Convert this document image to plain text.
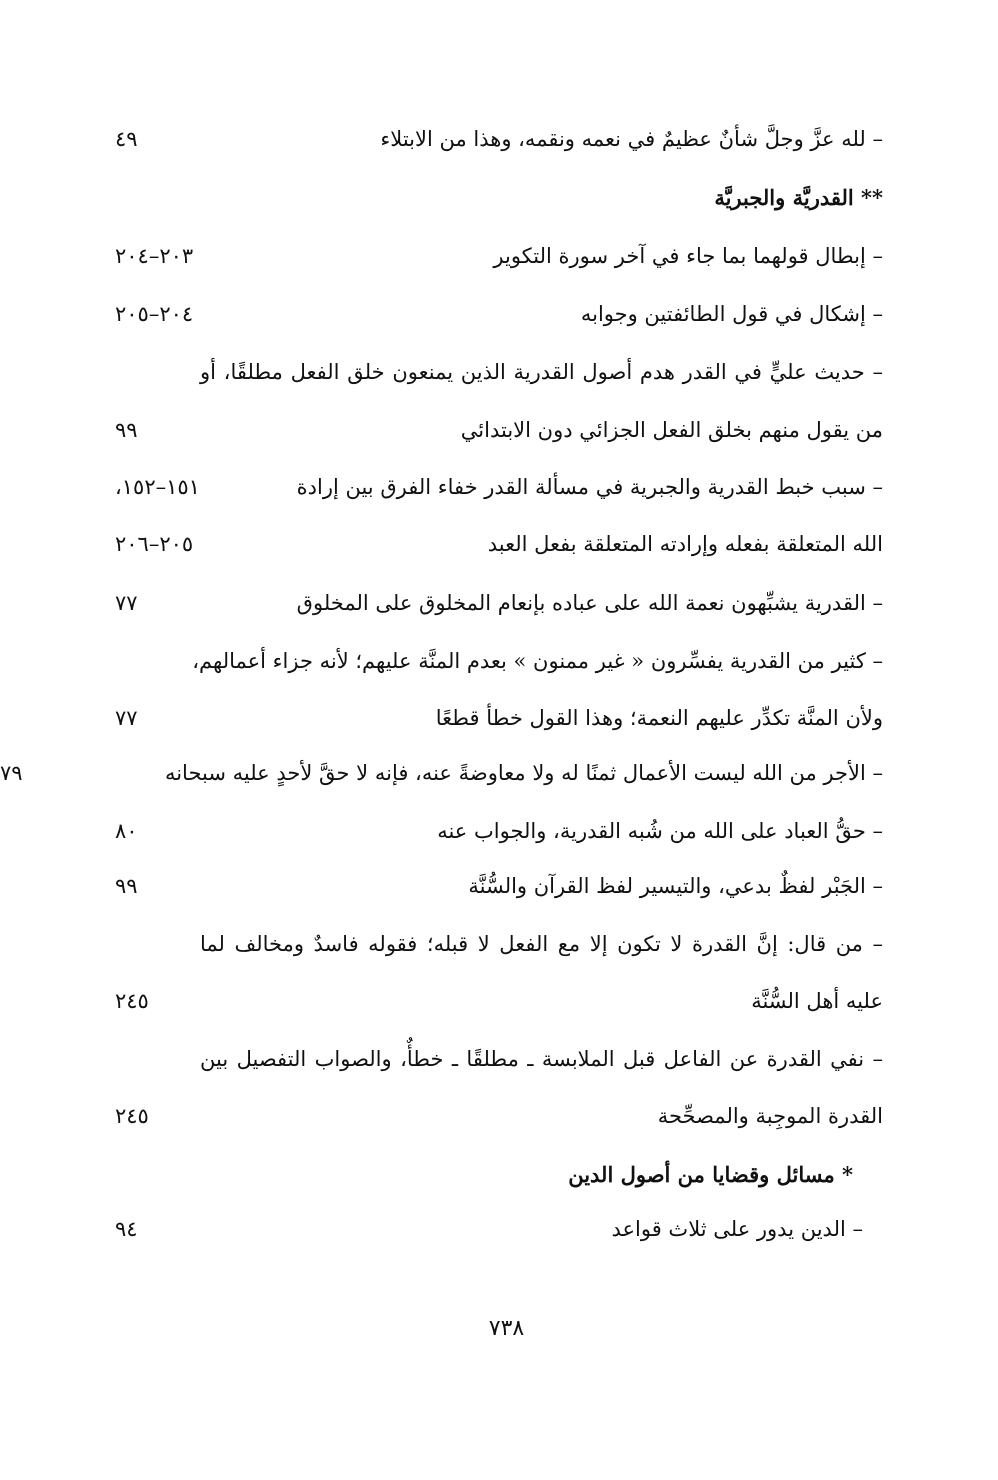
– لله عزَّ وجلَّ شأنٌ عظيمٌ في نعمه ونقمه، وهذا من الابتلاء
٤٩
** القدريَّة والجبريَّة
– إبطال قولهما بما جاء في آخر سورة التكوير
٢٠٣–٢٠٤
– إشكال في قول الطائفتين وجوابه
٢٠٤–٢٠٥
– حديث عليٍّ في القدر هدم أصول القدرية الذين يمنعون خلق الفعل مطلقًا، أو
من يقول منهم بخلق الفعل الجزائي دون الابتدائي
٩٩
– سبب خبط القدرية والجبرية في مسألة القدر خفاء الفرق بين إرادة
١٥١–١٥٢،
الله المتعلقة بفعله وإرادته المتعلقة بفعل العبد
٢٠٥–٢٠٦
– القدرية يشبِّهون نعمة الله على عباده بإنعام المخلوق على المخلوق
٧٧
– كثير من القدرية يفسِّرون « غير ممنون » بعدم المنَّة عليهم؛ لأنه جزاء أعمالهم،
ولأن المنَّة تكدِّر عليهم النعمة؛ وهذا القول خطأ قطعًا
٧٧
– الأجر من الله ليست الأعمال ثمنًا له ولا معاوضةً عنه، فإنه لا حقَّ لأحدٍ عليه سبحانه
٧٩
– حقُّ العباد على الله من شُبه القدرية، والجواب عنه
٨٠
– الجَبْر لفظٌ بدعي، والتيسير لفظ القرآن والسُّنَّة
٩٩
– من قال: إنَّ القدرة لا تكون إلا مع الفعل لا قبله؛ فقوله فاسدٌ ومخالف لما
عليه أهل السُّنَّة
٢٤٥
– نفي القدرة عن الفاعل قبل الملابسة ـ مطلقًا ـ خطأٌ، والصواب التفصيل بين
القدرة الموجِبة والمصحِّحة
٢٤٥
* مسائل وقضايا من أصول الدين
– الدين يدور على ثلاث قواعد
٩٤
٧٣٨
